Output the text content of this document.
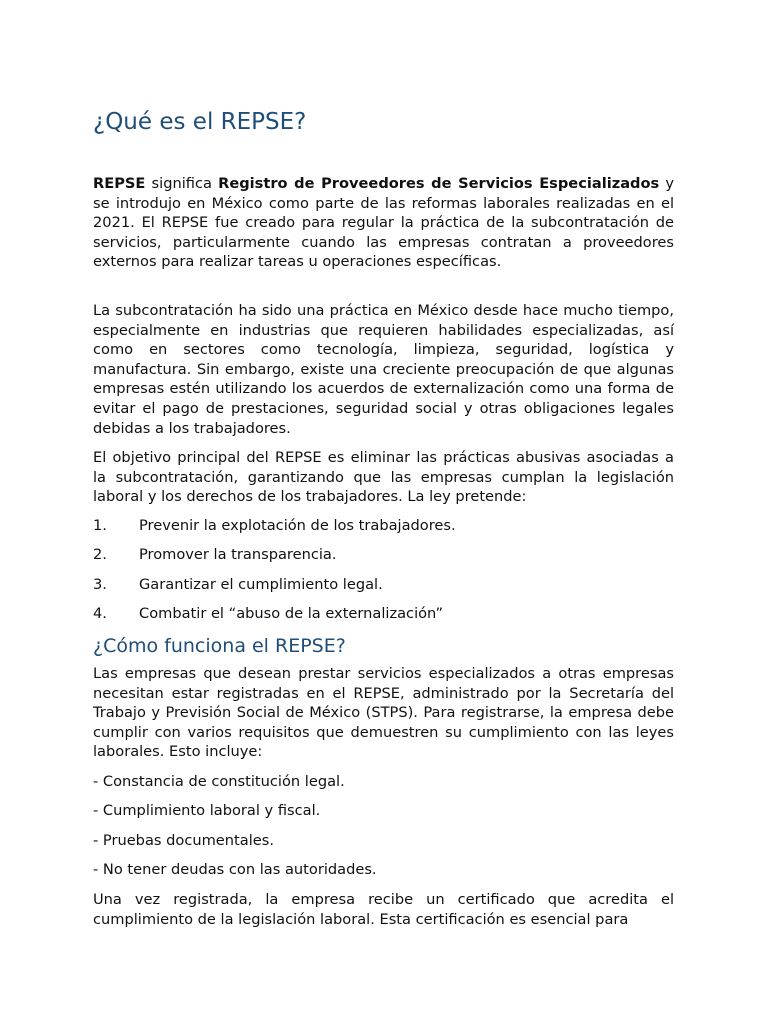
¿Qué es el REPSE?

REPSE significa Registro de Proveedores de Servicios Especializados y se introdujo en México como parte de las reformas laborales realizadas en el 2021. El REPSE fue creado para regular la práctica de la subcontratación de servicios, particularmente cuando las empresas contratan a proveedores externos para realizar tareas u operaciones específicas.

La subcontratación ha sido una práctica en México desde hace mucho tiempo, especialmente en industrias que requieren habilidades especializadas, así como en sectores como tecnología, limpieza, seguridad, logística y manufactura. Sin embargo, existe una creciente preocupación de que algunas empresas estén utilizando los acuerdos de externalización como una forma de evitar el pago de prestaciones, seguridad social y otras obligaciones legales debidas a los trabajadores.

El objetivo principal del REPSE es eliminar las prácticas abusivas asociadas a la subcontratación, garantizando que las empresas cumplan la legislación laboral y los derechos de los trabajadores. La ley pretende:

1. Prevenir la explotación de los trabajadores.
2. Promover la transparencia.
3. Garantizar el cumplimiento legal.
4. Combatir el “abuso de la externalización”
¿Cómo funciona el REPSE?

Las empresas que desean prestar servicios especializados a otras empresas necesitan estar registradas en el REPSE, administrado por la Secretaría del Trabajo y Previsión Social de México (STPS). Para registrarse, la empresa debe cumplir con varios requisitos que demuestren su cumplimiento con las leyes laborales. Esto incluye:

- Constancia de constitución legal.

- Cumplimiento laboral y fiscal.

- Pruebas documentales.

- No tener deudas con las autoridades.

Una vez registrada, la empresa recibe un certificado que acredita el cumplimiento de la legislación laboral. Esta certificación es esencial para
